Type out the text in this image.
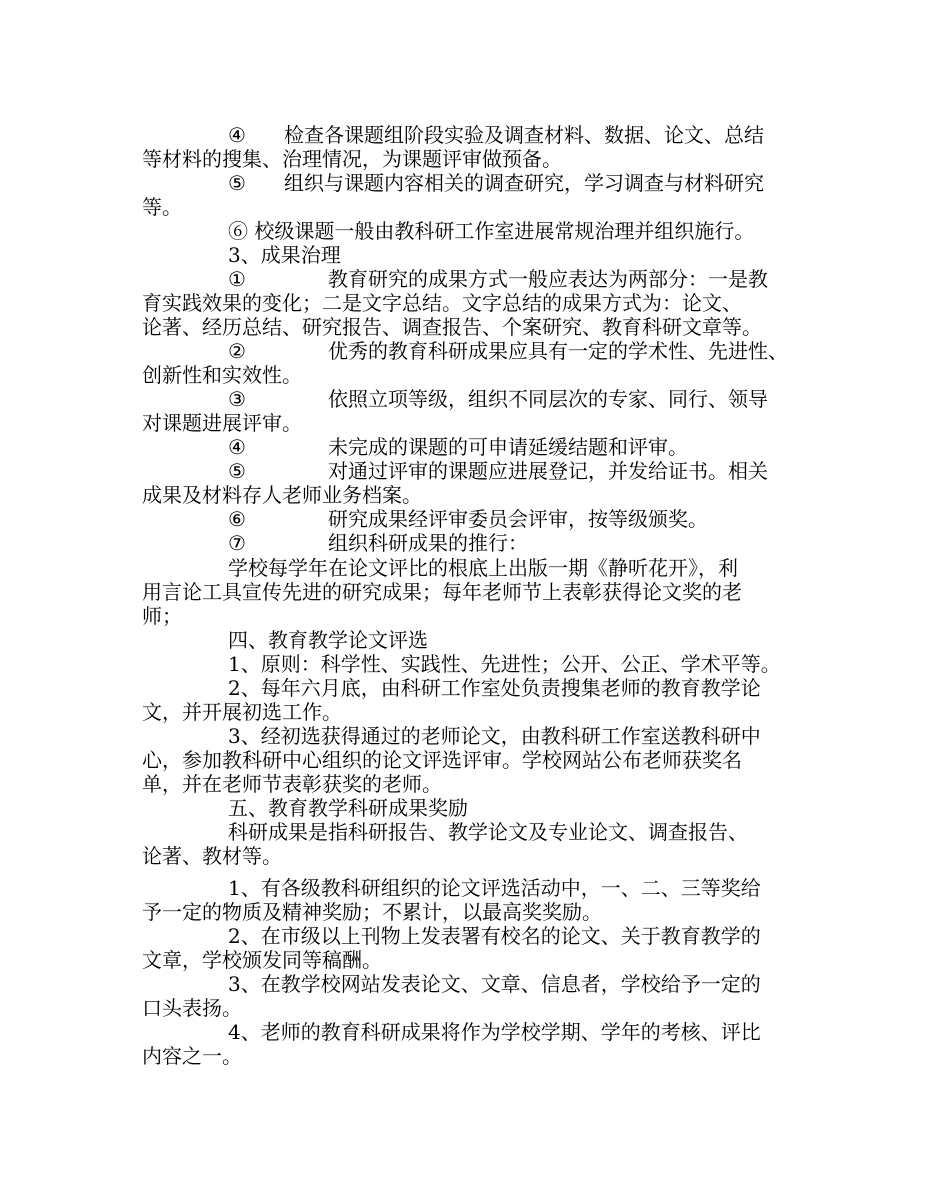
④ 检查各课题组阶段实验及调查材料、数据、论文、总结
等材料的搜集、治理情况，为课题评审做预备。
⑤ 组织与课题内容相关的调查研究，学习调查与材料研究
等。
⑥ 校级课题一般由教科研工作室进展常规治理并组织施行。
3、成果治理
①	教育研究的成果方式一般应表达为两部分：一是教
育实践效果的变化；二是文字总结。文字总结的成果方式为：论文、
论著、经历总结、研究报告、调查报告、个案研究、教育科研文章等。
②	优秀的教育科研成果应具有一定的学术性、先进性、
创新性和实效性。
③	依照立项等级，组织不同层次的专家、同行、领导
对课题进展评审。
④	未完成的课题的可申请延缓结题和评审。
⑤	对通过评审的课题应进展登记，并发给证书。相关
成果及材料存人老师业务档案。
⑥	研究成果经评审委员会评审，按等级颁奖。
⑦	组织科研成果的推行：
学校每学年在论文评比的根底上出版一期《静听花开》，利
用言论工具宣传先进的研究成果；每年老师节上表彰获得论文奖的老
师；
四、教育教学论文评选
1、原则：科学性、实践性、先进性；公开、公正、学术平等。
2、每年六月底，由科研工作室处负责搜集老师的教育教学论
文，并开展初选工作。
3、经初选获得通过的老师论文，由教科研工作室送教科研中
心，参加教科研中心组织的论文评选评审。学校网站公布老师获奖名
单，并在老师节表彰获奖的老师。
五、教育教学科研成果奖励
科研成果是指科研报告、教学论文及专业论文、调查报告、
论著、教材等。
1、有各级教科研组织的论文评选活动中，一、二、三等奖给
予一定的物质及精神奖励；不累计，以最高奖奖励。
2、在市级以上刊物上发表署有校名的论文、关于教育教学的
文章，学校颁发同等稿酬。
3、在教学校网站发表论文、文章、信息者，学校给予一定的
口头表扬。
4、老师的教育科研成果将作为学校学期、学年的考核、评比
内容之一。
